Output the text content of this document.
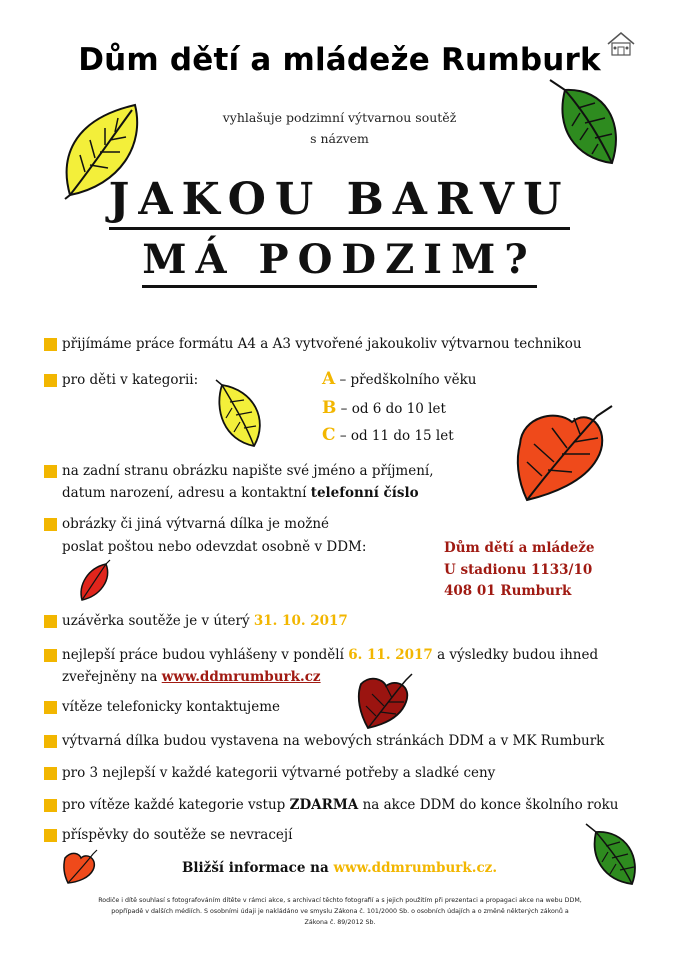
Dům dětí a mládeže Rumburk
vyhlašuje podzimní výtvarnou soutěž
s názvem
JAKOU BARVU
MÁ PODZIM?
přijímáme práce formátu A4 a A3 vytvořené jakoukoliv výtvarnou technikou
pro děti v kategorii:	A – předškolního věku
B – od 6 do 10 let
C – od 11 do 15 let
na zadní stranu obrázku napište své jméno a příjmení,
datum narození, adresu a kontaktní telefonní číslo
obrázky či jiná výtvarná dílka je možné
poslat poštou nebo odevzdat osobně v DDM:	Dům dětí a mládeže
U stadionu 1133/10
408 01 Rumburk
uzávěrka soutěže je v úterý 31. 10. 2017
nejlepší práce budou vyhlášeny v pondělí 6. 11. 2017 a výsledky budou ihned
zveřejněny na www.ddmrumburk.cz
vítěze telefonicky kontaktujeme
výtvarná dílka budou vystavena na webových stránkách DDM a v MK Rumburk
pro 3 nejlepší v každé kategorii výtvarné potřeby a sladké ceny
pro vítěze každé kategorie vstup ZDARMA na akce DDM do konce školního roku
příspěvky do soutěže se nevracejí
Bližší informace na www.ddmrumburk.cz.
Rodiče i dítě souhlasí s fotografováním dítěte v rámci akce, s archivací těchto fotografií a s jejich použitím při prezentaci a propagaci akce na webu DDM,
popřípadě v dalších médiích. S osobními údaji je nakládáno ve smyslu Zákona č. 101/2000 Sb. o osobních údajích a o změně některých zákonů a
Zákona č. 89/2012 Sb.
